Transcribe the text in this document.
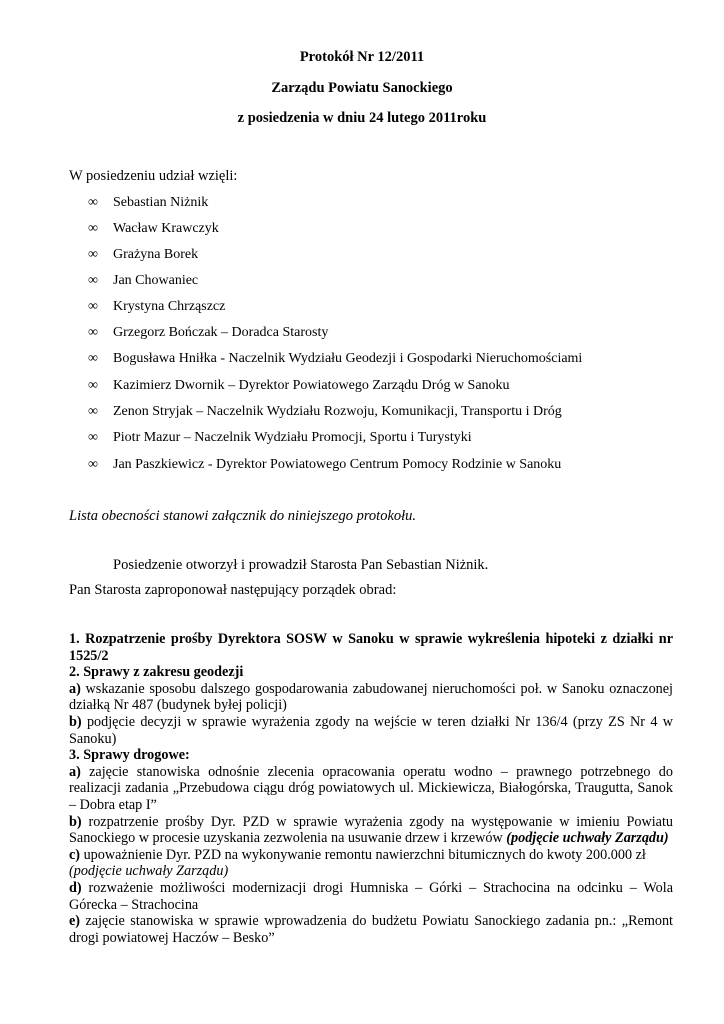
Protokół Nr 12/2011
Zarządu Powiatu Sanockiego
z posiedzenia w dniu 24 lutego 2011roku
W posiedzeniu udział wzięli:
∞ Sebastian Niżnik
∞ Wacław Krawczyk
∞ Grażyna Borek
∞ Jan Chowaniec
∞ Krystyna Chrząszcz
∞ Grzegorz Bończak – Doradca Starosty
∞ Bogusława Hniłka - Naczelnik Wydziału Geodezji i Gospodarki Nieruchomościami
∞ Kazimierz Dwornik – Dyrektor Powiatowego Zarządu Dróg w Sanoku
∞ Zenon Stryjak – Naczelnik Wydziału Rozwoju, Komunikacji, Transportu i Dróg
∞ Piotr Mazur – Naczelnik Wydziału Promocji, Sportu i Turystyki
∞ Jan Paszkiewicz - Dyrektor Powiatowego Centrum Pomocy Rodzinie w Sanoku
Lista obecności stanowi załącznik do niniejszego protokołu.
Posiedzenie otworzył i prowadził Starosta Pan Sebastian Niżnik.
Pan Starosta zaproponował następujący porządek obrad:

1. Rozpatrzenie prośby Dyrektora SOSW w Sanoku w sprawie wykreślenia hipoteki z działki nr 1525/2

2. Sprawy z zakresu geodezji

a) wskazanie sposobu dalszego gospodarowania zabudowanej nieruchomości poł. w Sanoku oznaczonej działką Nr 487 (budynek byłej policji)

b) podjęcie decyzji w sprawie wyrażenia zgody na wejście w teren działki Nr 136/4 (przy ZS Nr 4 w Sanoku)

3. Sprawy drogowe:

a) zajęcie stanowiska odnośnie zlecenia opracowania operatu wodno – prawnego potrzebnego do realizacji zadania „Przebudowa ciągu dróg powiatowych ul. Mickiewicza, Białogórska, Traugutta, Sanok – Dobra etap I”

b) rozpatrzenie prośby Dyr. PZD w sprawie wyrażenia zgody na występowanie w imieniu Powiatu Sanockiego w procesie uzyskania zezwolenia na usuwanie drzew i krzewów (podjęcie uchwały Zarządu)

c) upoważnienie Dyr. PZD na wykonywanie remontu nawierzchni bitumicznych do kwoty 200.000 zł
(podjęcie uchwały Zarządu)

d) rozważenie możliwości modernizacji drogi Humniska – Górki – Strachocina na odcinku – Wola Górecka – Strachocina

e) zajęcie stanowiska w sprawie wprowadzenia do budżetu Powiatu Sanockiego zadania pn.: „Remont drogi powiatowej Haczów – Besko”
